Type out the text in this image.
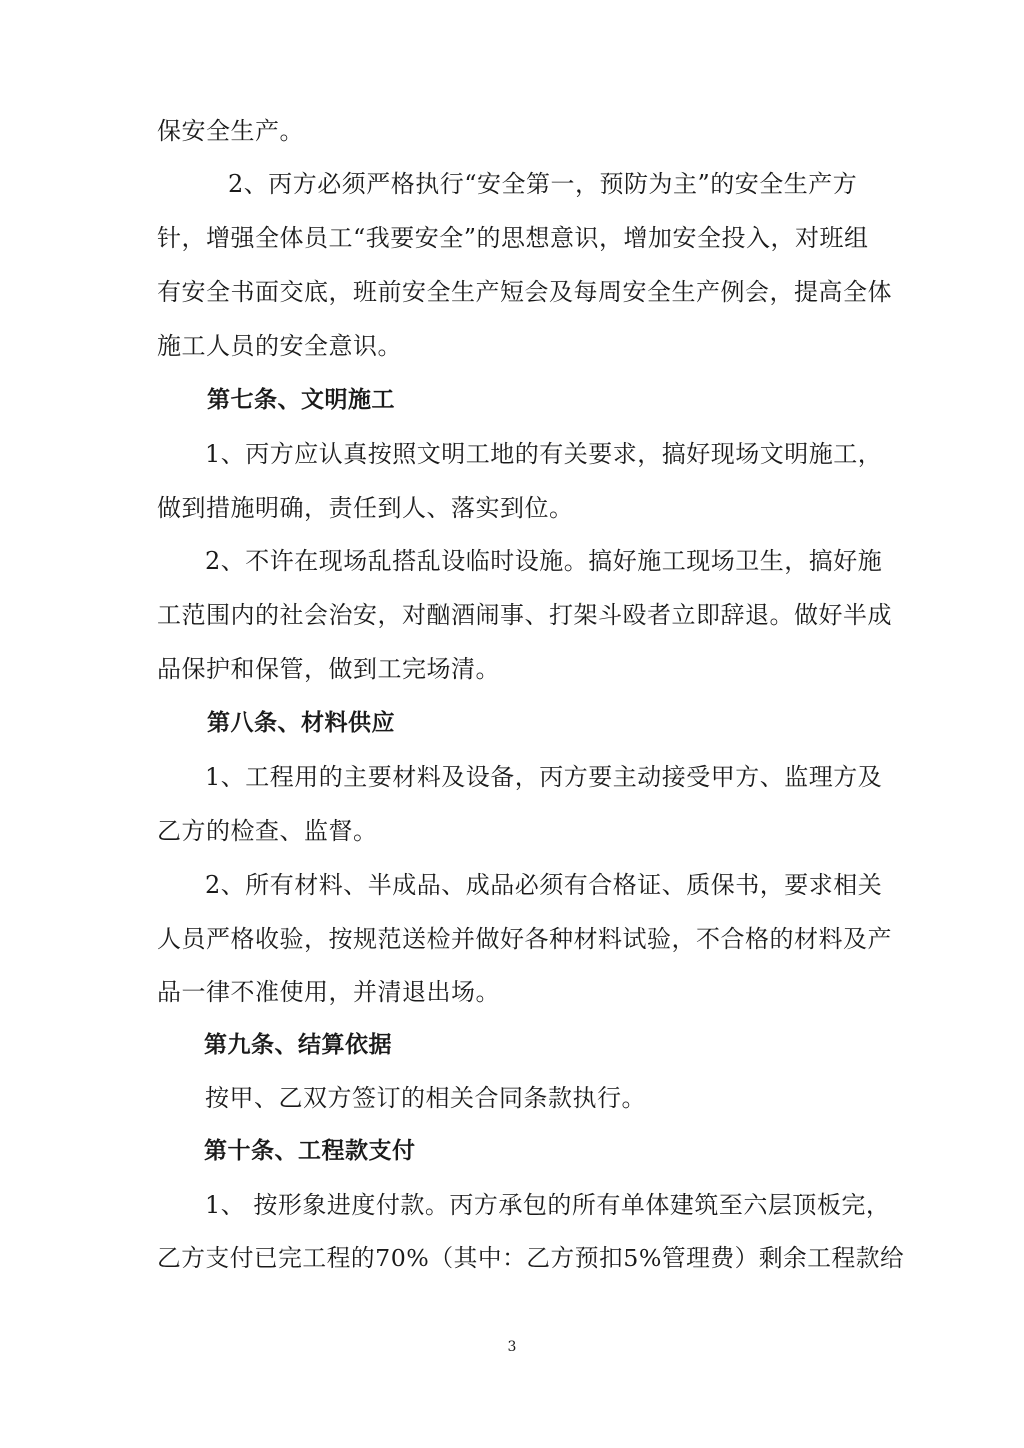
保安全生产。
2、丙方必须严格执行“安全第一，预防为主”的安全生产方
针，增强全体员工“我要安全”的思想意识，增加安全投入，对班组
有安全书面交底，班前安全生产短会及每周安全生产例会，提高全体
施工人员的安全意识。
第七条、文明施工
1、丙方应认真按照文明工地的有关要求，搞好现场文明施工，
做到措施明确，责任到人、落实到位。
2、不许在现场乱搭乱设临时设施。搞好施工现场卫生，搞好施
工范围内的社会治安，对酗酒闹事、打架斗殴者立即辞退。做好半成
品保护和保管，做到工完场清。
第八条、材料供应
1、工程用的主要材料及设备，丙方要主动接受甲方、监理方及
乙方的检查、监督。
2、所有材料、半成品、成品必须有合格证、质保书，要求相关
人员严格收验，按规范送检并做好各种材料试验，不合格的材料及产
品一律不准使用，并清退出场。
第九条、结算依据
按甲、乙双方签订的相关合同条款执行。
第十条、工程款支付
1、 按形象进度付款。丙方承包的所有单体建筑至六层顶板完，
乙方支付已完工程的70%（其中：乙方预扣5%管理费）剩余工程款给
3
